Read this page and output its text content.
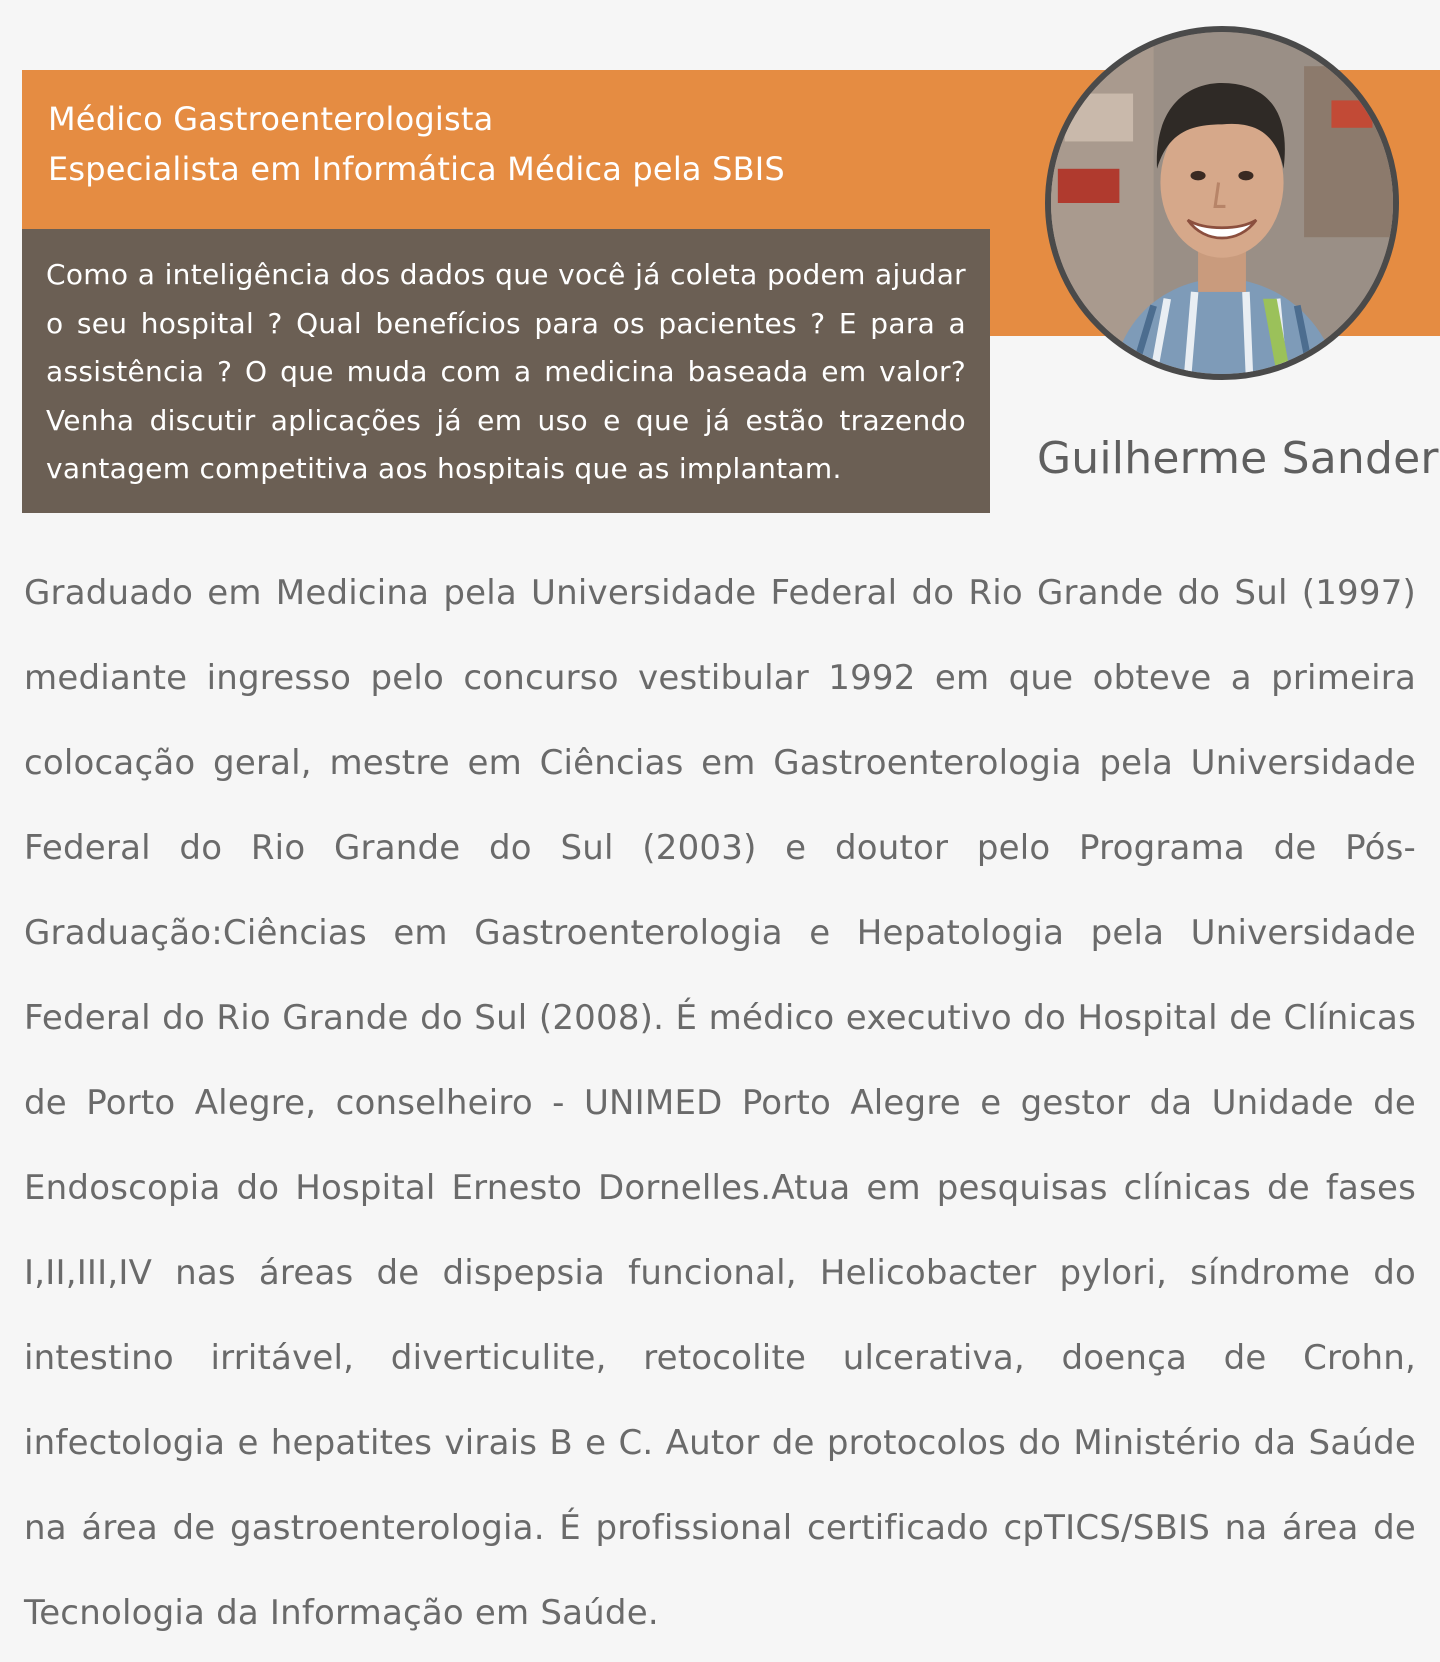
Médico Gastroenterologista
Especialista em Informática Médica pela SBIS

Como a inteligência dos dados que você já coleta podem ajudar o seu hospital ? Qual benefícios para os pacientes ? E para a assistência ? O que muda com a medicina baseada em valor? Venha discutir aplicações já em uso e que já estão trazendo vantagem competitiva aos hospitais que as implantam.	Guilherme Sander

Graduado em Medicina pela Universidade Federal do Rio Grande do Sul (1997) mediante ingresso pelo concurso vestibular 1992 em que obteve a primeira colocação geral, mestre em Ciências em Gastroenterologia pela Universidade Federal do Rio Grande do Sul (2003) e doutor pelo Programa de Pós-Graduação:Ciências em Gastroenterologia e Hepatologia pela Universidade Federal do Rio Grande do Sul (2008). É médico executivo do Hospital de Clínicas de Porto Alegre, conselheiro - UNIMED Porto Alegre e gestor da Unidade de Endoscopia do Hospital Ernesto Dornelles.Atua em pesquisas clínicas de fases I,II,III,IV nas áreas de dispepsia funcional, Helicobacter pylori, síndrome do intestino irritável, diverticulite, retocolite ulcerativa, doença de Crohn, infectologia e hepatites virais B e C. Autor de protocolos do Ministério da Saúde na área de gastroenterologia. É profissional certificado cpTICS/SBIS na área de Tecnologia da Informação em Saúde.
